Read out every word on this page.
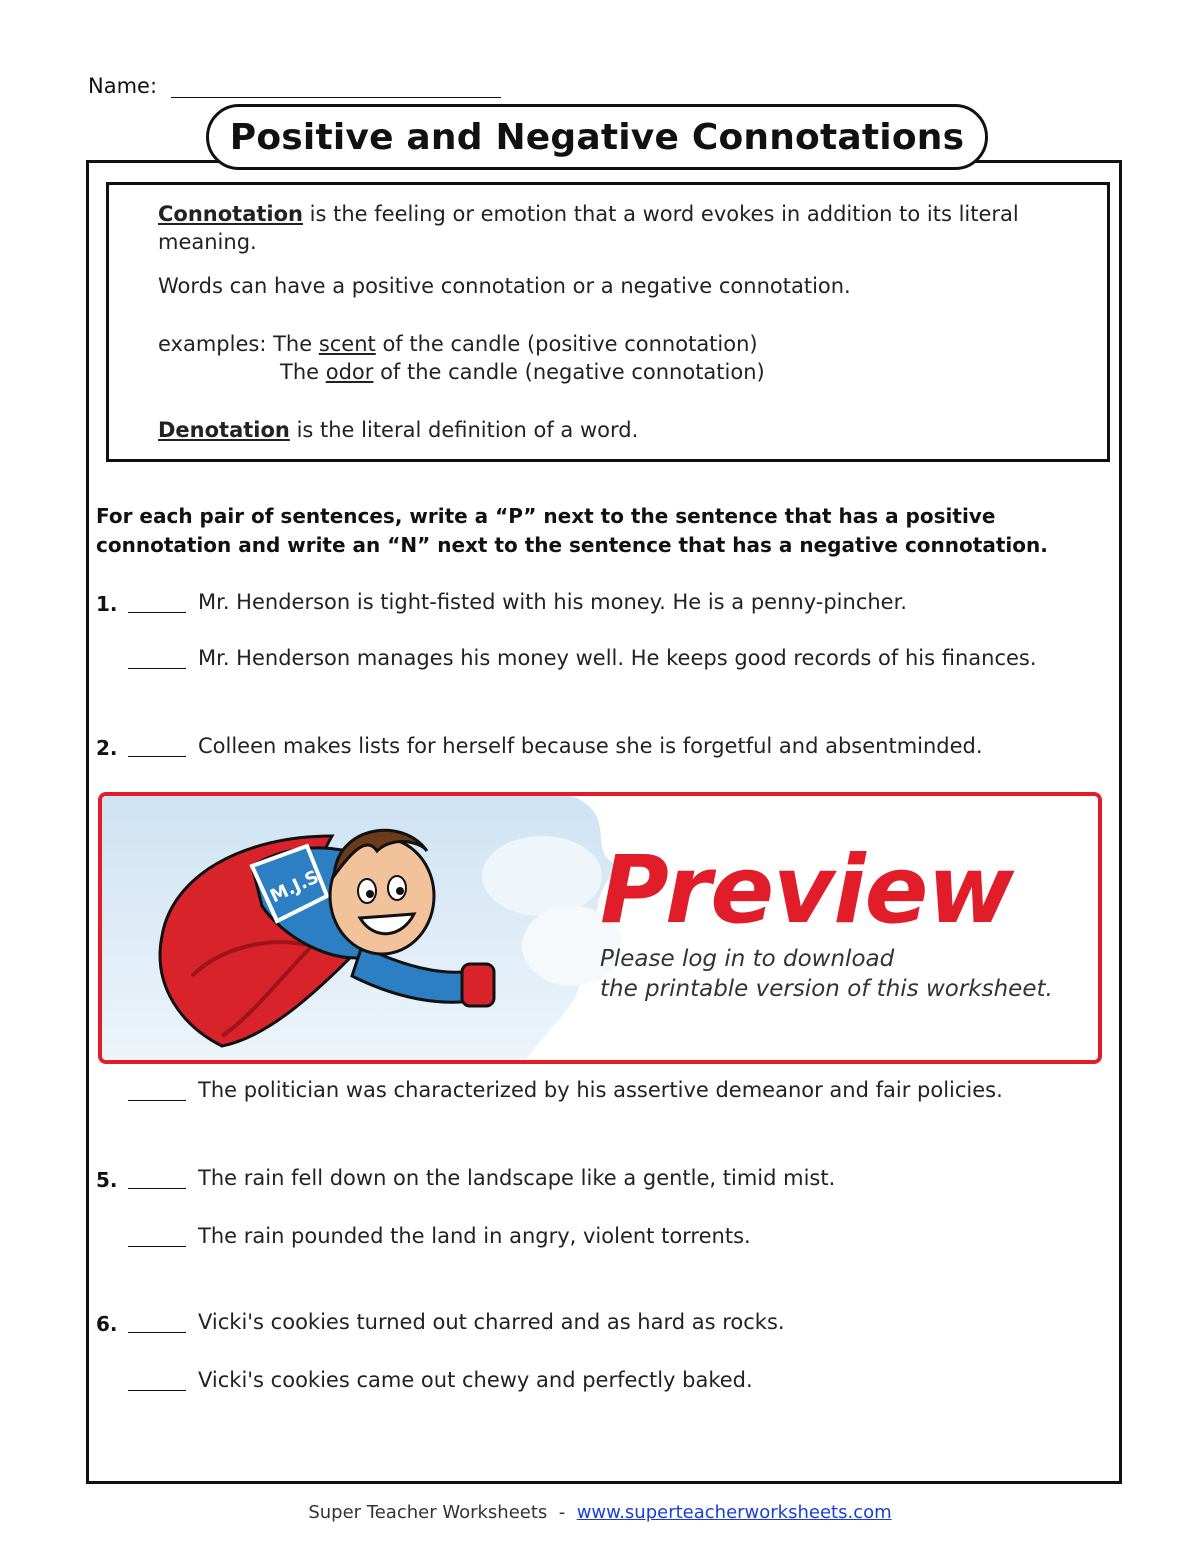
Name:
Positive and Negative Connotations
Connotation is the feeling or emotion that a word evokes in addition to its literal
meaning.
Words can have a positive connotation or a negative connotation.
examples: The scent of the candle (positive connotation)
The odor of the candle (negative connotation)
Denotation is the literal definition of a word.
For each pair of sentences, write a “P” next to the sentence that has a positive
connotation and write an “N” next to the sentence that has a negative connotation.
1.	Mr. Henderson is tight-fisted with his money. He is a penny-pincher.
Mr. Henderson manages his money well. He keeps good records of his finances.
2.	Colleen makes lists for herself because she is forgetful and absentminded.
M.J.S	Preview
Please log in to download
the printable version of this worksheet.
The politician was characterized by his assertive demeanor and fair policies.
5.	The rain fell down on the landscape like a gentle, timid mist.
The rain pounded the land in angry, violent torrents.
6.	Vicki's cookies turned out charred and as hard as rocks.
Vicki's cookies came out chewy and perfectly baked.
Super Teacher Worksheets  -  www.superteacherworksheets.com
